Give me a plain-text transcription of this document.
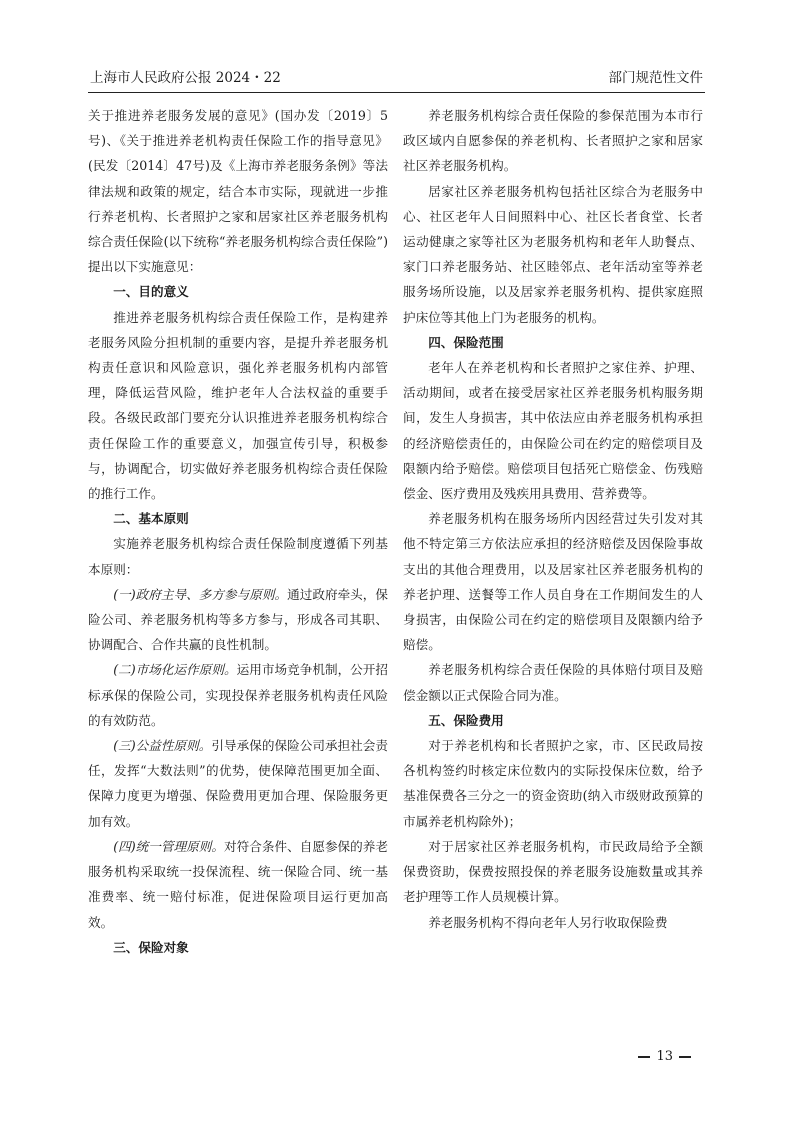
上海市人民政府公报 2024・22	部门规范性文件

关于推进养老服务发展的意见》(国办发〔2019〕5号)、《关于推进养老机构责任保险工作的指导意见》(民发〔2014〕47号)及《上海市养老服务条例》等法律法规和政策的规定，结合本市实际，现就进一步推行养老机构、长者照护之家和居家社区养老服务机构综合责任保险(以下统称“养老服务机构综合责任保险”)提出以下实施意见：

一、目的意义

推进养老服务机构综合责任保险工作，是构建养老服务风险分担机制的重要内容，是提升养老服务机构责任意识和风险意识，强化养老服务机构内部管理，降低运营风险，维护老年人合法权益的重要手段。各级民政部门要充分认识推进养老服务机构综合责任保险工作的重要意义，加强宣传引导，积极参与，协调配合，切实做好养老服务机构综合责任保险的推行工作。

二、基本原则

实施养老服务机构综合责任保险制度遵循下列基本原则：

(一)政府主导、多方参与原则。通过政府牵头，保险公司、养老服务机构等多方参与，形成各司其职、协调配合、合作共赢的良性机制。

(二)市场化运作原则。运用市场竞争机制，公开招标承保的保险公司，实现投保养老服务机构责任风险的有效防范。

(三)公益性原则。引导承保的保险公司承担社会责任，发挥“大数法则”的优势，使保障范围更加全面、保障力度更为增强、保险费用更加合理、保险服务更加有效。

(四)统一管理原则。对符合条件、自愿参保的养老服务机构采取统一投保流程、统一保险合同、统一基准费率、统一赔付标准，促进保险项目运行更加高效。

三、保险对象

养老服务机构综合责任保险的参保范围为本市行政区域内自愿参保的养老机构、长者照护之家和居家社区养老服务机构。

居家社区养老服务机构包括社区综合为老服务中心、社区老年人日间照料中心、社区长者食堂、长者运动健康之家等社区为老服务机构和老年人助餐点、家门口养老服务站、社区睦邻点、老年活动室等养老服务场所设施，以及居家养老服务机构、提供家庭照护床位等其他上门为老服务的机构。

四、保险范围

老年人在养老机构和长者照护之家住养、护理、活动期间，或者在接受居家社区养老服务机构服务期间，发生人身损害，其中依法应由养老服务机构承担的经济赔偿责任的，由保险公司在约定的赔偿项目及限额内给予赔偿。赔偿项目包括死亡赔偿金、伤残赔偿金、医疗费用及残疾用具费用、营养费等。

养老服务机构在服务场所内因经营过失引发对其他不特定第三方依法应承担的经济赔偿及因保险事故支出的其他合理费用，以及居家社区养老服务机构的养老护理、送餐等工作人员自身在工作期间发生的人身损害，由保险公司在约定的赔偿项目及限额内给予赔偿。

养老服务机构综合责任保险的具体赔付项目及赔偿金额以正式保险合同为准。

五、保险费用

对于养老机构和长者照护之家，市、区民政局按各机构签约时核定床位数内的实际投保床位数，给予基准保费各三分之一的资金资助(纳入市级财政预算的市属养老机构除外)；

对于居家社区养老服务机构，市民政局给予全额保费资助，保费按照投保的养老服务设施数量或其养老护理等工作人员规模计算。

养老服务机构不得向老年人另行收取保险费

13
